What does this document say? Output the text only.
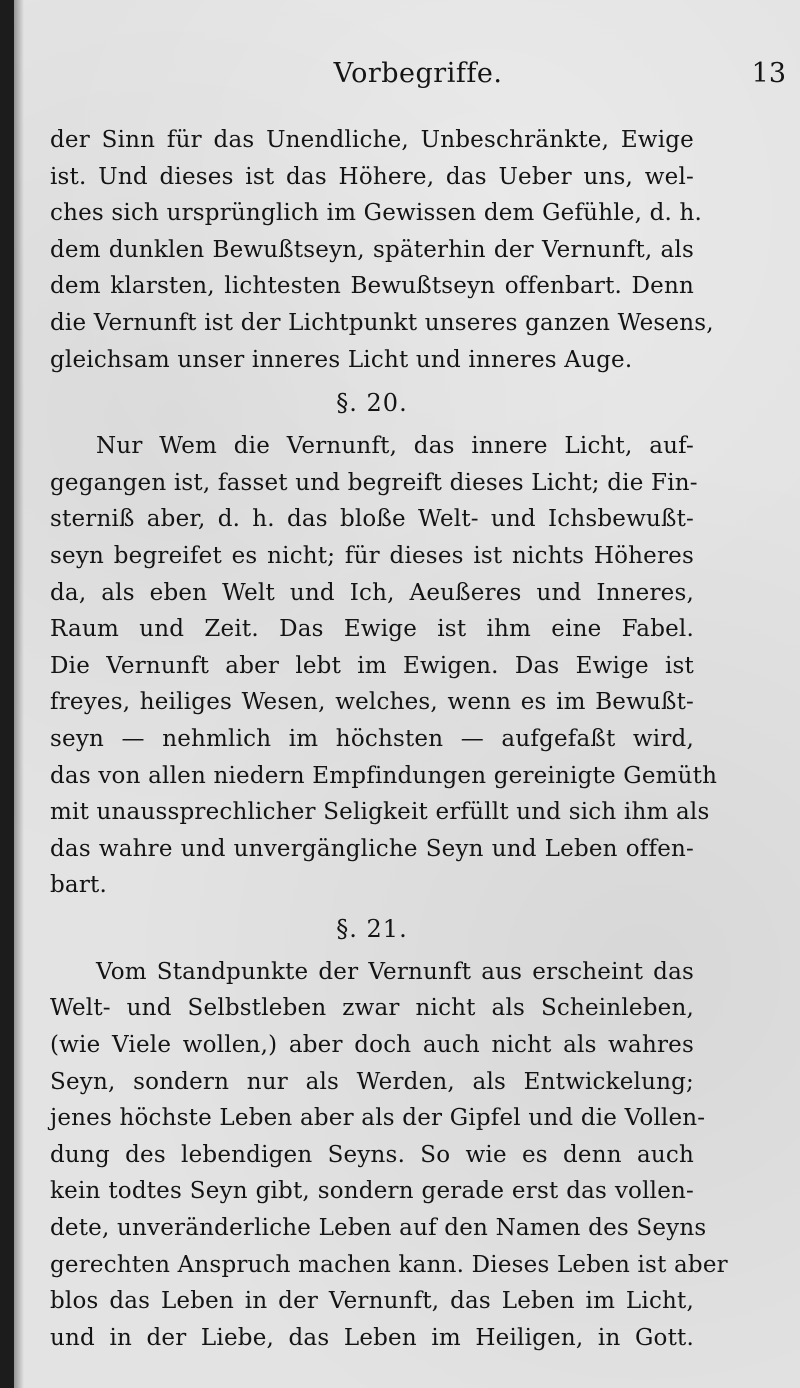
Vorbegriffe.	13
der Sinn für das Unendliche, Unbeschränkte, Ewige
ist. Und dieses ist das Höhere, das Ueber uns, wel-
ches sich ursprünglich im Gewissen dem Gefühle, d. h.
dem dunklen Bewußtseyn, späterhin der Vernunft, als
dem klarsten, lichtesten Bewußtseyn offenbart. Denn
die Vernunft ist der Lichtpunkt unseres ganzen Wesens,
gleichsam unser inneres Licht und inneres Auge.
§. 20.
Nur Wem die Vernunft, das innere Licht, auf-
gegangen ist, fasset und begreift dieses Licht; die Fin-
sterniß aber, d. h. das bloße Welt- und Ichsbewußt-
seyn begreifet es nicht; für dieses ist nichts Höheres
da, als eben Welt und Ich, Aeußeres und Inneres,
Raum und Zeit. Das Ewige ist ihm eine Fabel.
Die Vernunft aber lebt im Ewigen. Das Ewige ist
freyes, heiliges Wesen, welches, wenn es im Bewußt-
seyn — nehmlich im höchsten — aufgefaßt wird,
das von allen niedern Empfindungen gereinigte Gemüth
mit unaussprechlicher Seligkeit erfüllt und sich ihm als
das wahre und unvergängliche Seyn und Leben offen-
bart.
§. 21.
Vom Standpunkte der Vernunft aus erscheint das
Welt- und Selbstleben zwar nicht als Scheinleben,
(wie Viele wollen,) aber doch auch nicht als wahres
Seyn, sondern nur als Werden, als Entwickelung;
jenes höchste Leben aber als der Gipfel und die Vollen-
dung des lebendigen Seyns. So wie es denn auch
kein todtes Seyn gibt, sondern gerade erst das vollen-
dete, unveränderliche Leben auf den Namen des Seyns
gerechten Anspruch machen kann. Dieses Leben ist aber
blos das Leben in der Vernunft, das Leben im Licht,
und in der Liebe, das Leben im Heiligen, in Gott.
